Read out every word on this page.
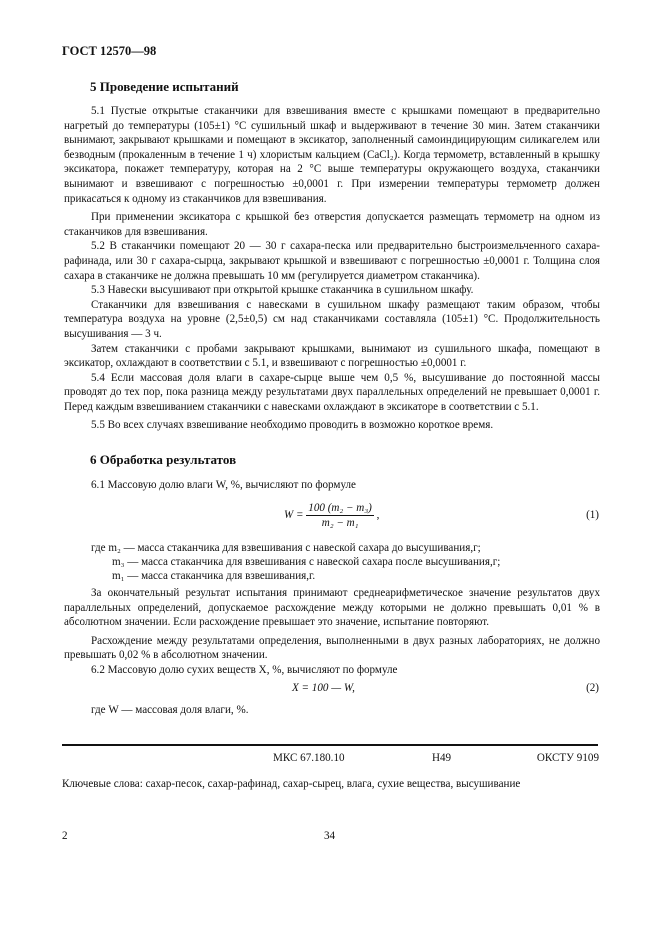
ГОСТ 12570—98
5 Проведение испытаний

5.1 Пустые открытые стаканчики для взвешивания вместе с крышками помещают в предварительно нагретый до температуры (105±1) °С сушильный шкаф и выдерживают в течение 30 мин. Затем стаканчики вынимают, закрывают крышками и помещают в эксикатор, заполненный самоиндицирующим силикагелем или безводным (прокаленным в течение 1 ч) хлористым кальцием (CaCl₂). Когда термометр, вставленный в крышку эксикатора, покажет температуру, которая на 2 °С выше температуры окружающего воздуха, стаканчики вынимают и взвешивают с погрешностью ±0,0001 г. При измерении температуры термометр должен прикасаться к одному из стаканчиков для взвешивания.

При применении эксикатора с крышкой без отверстия допускается размещать термометр на одном из стаканчиков для взвешивания.

5.2 В стаканчики помещают 20 — 30 г сахара-песка или предварительно быстроизмельченного сахара-рафинада, или 30 г сахара-сырца, закрывают крышкой и взвешивают с погрешностью ±0,0001 г. Толщина слоя сахара в стаканчике не должна превышать 10 мм (регулируется диаметром стаканчика).

5.3 Навески высушивают при открытой крышке стаканчика в сушильном шкафу.

Стаканчики для взвешивания с навесками в сушильном шкафу размещают таким образом, чтобы температура воздуха на уровне (2,5±0,5) см над стаканчиками составляла (105±1) °С. Продолжительность высушивания — 3 ч.

Затем стаканчики с пробами закрывают крышками, вынимают из сушильного шкафа, помещают в эксикатор, охлаждают в соответствии с 5.1, и взвешивают с погрешностью ±0,0001 г.

5.4 Если массовая доля влаги в сахаре-сырце выше чем 0,5 %, высушивание до постоянной массы проводят до тех пор, пока разница между результатами двух параллельных определений не превышает 0,0001 г. Перед каждым взвешиванием стаканчики с навесками охлаждают в эксикаторе в соответствии с 5.1.

5.5 Во всех случаях взвешивание необходимо проводить в возможно короткое время.

6 Обработка результатов
6.1 Массовую долю влаги W, %, вычисляют по формуле
$W = \frac{\text{100 (m₂ − m₃)}}{\text{m₂ − m₁}}$ ,	(1)
где m₂ — масса стаканчика для взвешивания с навеской сахара до высушивания,г;
m₃ — масса стаканчика для взвешивания с навеской сахара после высушивания,г;
m₁ — масса стаканчика для взвешивания,г.

За окончательный результат испытания принимают среднеарифметическое значение результатов двух параллельных определений, допускаемое расхождение между которыми не должно превышать 0,01 % в абсолютном значении. Если расхождение превышает это значение, испытание повторяют.

Расхождение между результатами определения, выполненными в двух разных лабораториях, не должно превышать 0,02 % в абсолютном значении.

6.2 Массовую долю сухих веществ X, %, вычисляют по формуле

X = 100 — W,	(2)
где W — массовая доля влаги, %.
МКС 67.180.10	Н49	ОКСТУ 9109
Ключевые слова: сахар-песок, сахар-рафинад, сахар-сырец, влага, сухие вещества, высушивание
2	34
